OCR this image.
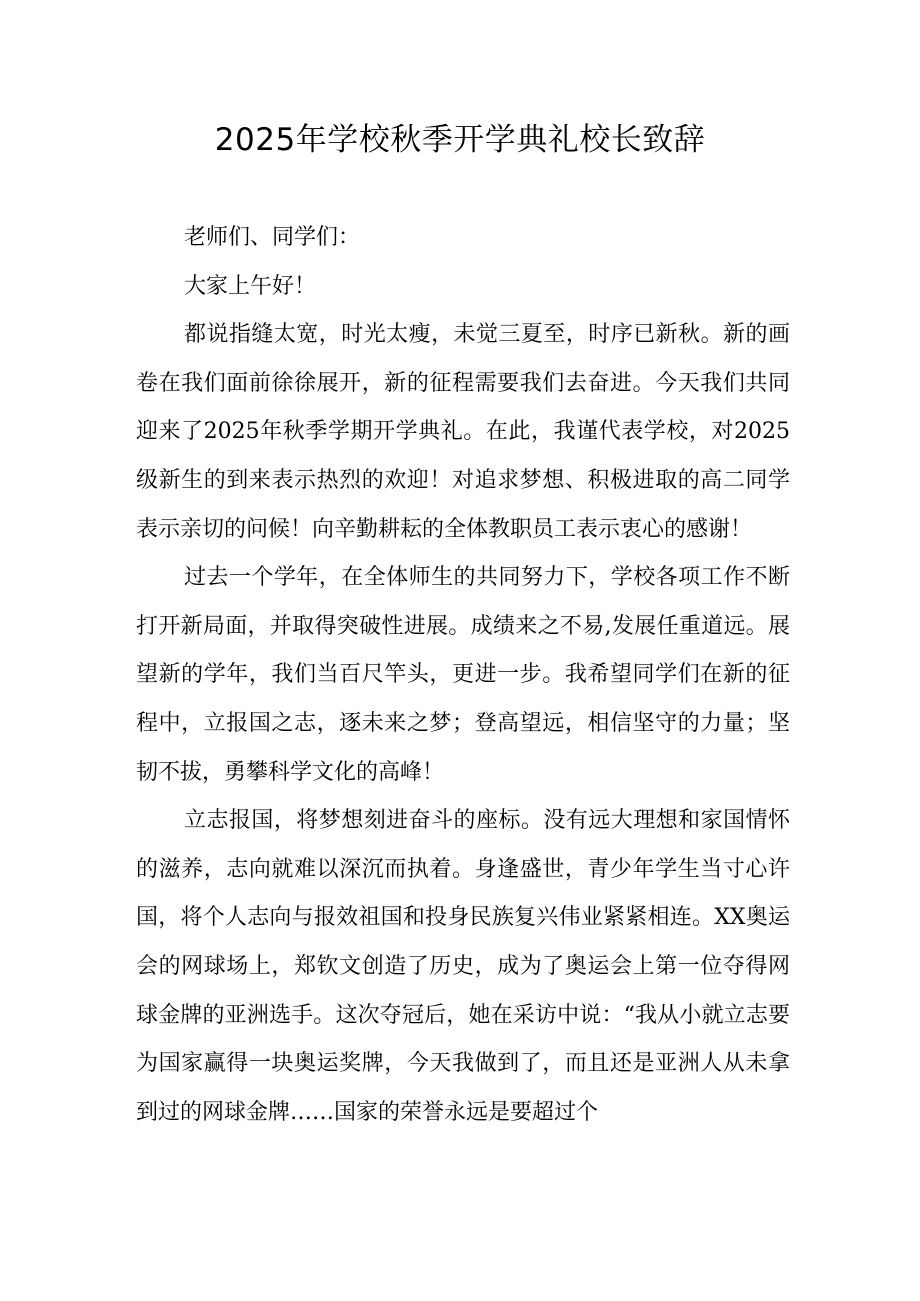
2025年学校秋季开学典礼校长致辞

老师们、同学们：

大家上午好！

都说指缝太宽，时光太瘦，未觉三夏至，时序已新秋。新的画卷在我们面前徐徐展开，新的征程需要我们去奋进。今天我们共同迎来了2025年秋季学期开学典礼。在此，我谨代表学校，对2025级新生的到来表示热烈的欢迎！对追求梦想、积极进取的高二同学表示亲切的问候！向辛勤耕耘的全体教职员工表示衷心的感谢！

过去一个学年，在全体师生的共同努力下，学校各项工作不断打开新局面，并取得突破性进展。成绩来之不易,发展任重道远。展望新的学年，我们当百尺竿头，更进一步。我希望同学们在新的征程中，立报国之志，逐未来之梦；登高望远，相信坚守的力量；坚韧不拔，勇攀科学文化的高峰！

立志报国，将梦想刻进奋斗的座标。没有远大理想和家国情怀的滋养，志向就难以深沉而执着。身逢盛世，青少年学生当寸心许国，将个人志向与报效祖国和投身民族复兴伟业紧紧相连。XX奥运会的网球场上，郑钦文创造了历史，成为了奥运会上第一位夺得网球金牌的亚洲选手。这次夺冠后，她在采访中说：“我从小就立志要为国家赢得一块奥运奖牌，今天我做到了，而且还是亚洲人从未拿到过的网球金牌……国家的荣誉永远是要超过个
